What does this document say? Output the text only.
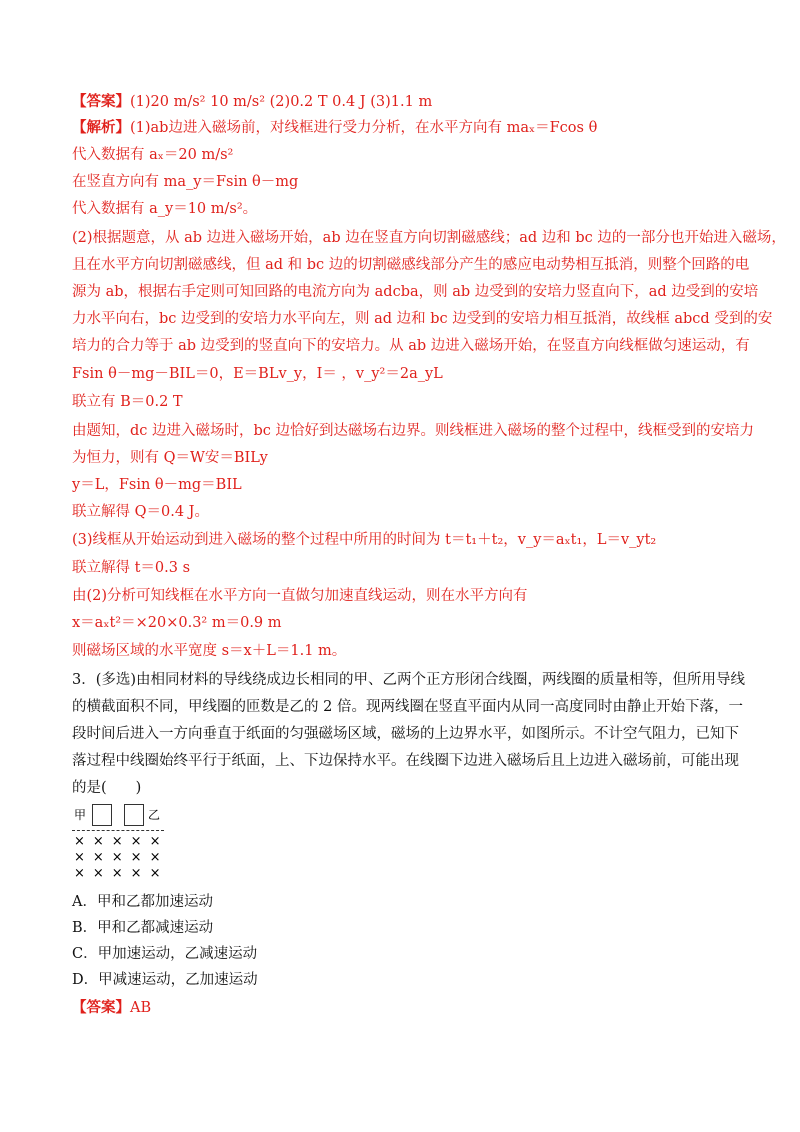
【答案】(1)20 m/s² 10 m/s² (2)0.2 T 0.4 J (3)1.1 m
【解析】(1)ab边进入磁场前，对线框进行受力分析，在水平方向有 maₓ＝Fcos θ
代入数据有 aₓ＝20 m/s²
在竖直方向有 ma_y＝Fsin θ－mg
代入数据有 a_y＝10 m/s²。
(2)根据题意，从 ab 边进入磁场开始，ab 边在竖直方向切割磁感线；ad 边和 bc 边的一部分也开始进入磁场，
且在水平方向切割磁感线，但 ad 和 bc 边的切割磁感线部分产生的感应电动势相互抵消，则整个回路的电
源为 ab，根据右手定则可知回路的电流方向为 adcba，则 ab 边受到的安培力竖直向下，ad 边受到的安培
力水平向右，bc 边受到的安培力水平向左，则 ad 边和 bc 边受到的安培力相互抵消，故线框 abcd 受到的安
培力的合力等于 ab 边受到的竖直向下的安培力。从 ab 边进入磁场开始，在竖直方向线框做匀速运动，有
Fsin θ－mg－BIL＝0，E＝BLv_y，I＝ ，v_y²＝2a_yL
联立有 B＝0.2 T
由题知，dc 边进入磁场时，bc 边恰好到达磁场右边界。则线框进入磁场的整个过程中，线框受到的安培力
为恒力，则有 Q＝W安＝BILy
y＝L，Fsin θ－mg＝BIL
联立解得 Q＝0.4 J。
(3)线框从开始运动到进入磁场的整个过程中所用的时间为 t＝t₁＋t₂，v_y＝aₓt₁，L＝v_yt₂
联立解得 t＝0.3 s
由(2)分析可知线框在水平方向一直做匀加速直线运动，则在水平方向有
x＝aₓt²＝×20×0.3² m＝0.9 m
则磁场区域的水平宽度 s＝x＋L＝1.1 m。
3．(多选)由相同材料的导线绕成边长相同的甲、乙两个正方形闭合线圈，两线圈的质量相等，但所用导线
的横截面积不同，甲线圈的匝数是乙的 2 倍。现两线圈在竖直平面内从同一高度同时由静止开始下落，一
段时间后进入一方向垂直于纸面的匀强磁场区域，磁场的上边界水平，如图所示。不计空气阻力，已知下
落过程中线圈始终平行于纸面，上、下边保持水平。在线圈下边进入磁场后且上边进入磁场前，可能出现
的是(　　)
甲	乙
×××××
×××××
×××××
A．甲和乙都加速运动
B．甲和乙都减速运动
C．甲加速运动，乙减速运动
D．甲减速运动，乙加速运动
【答案】AB
